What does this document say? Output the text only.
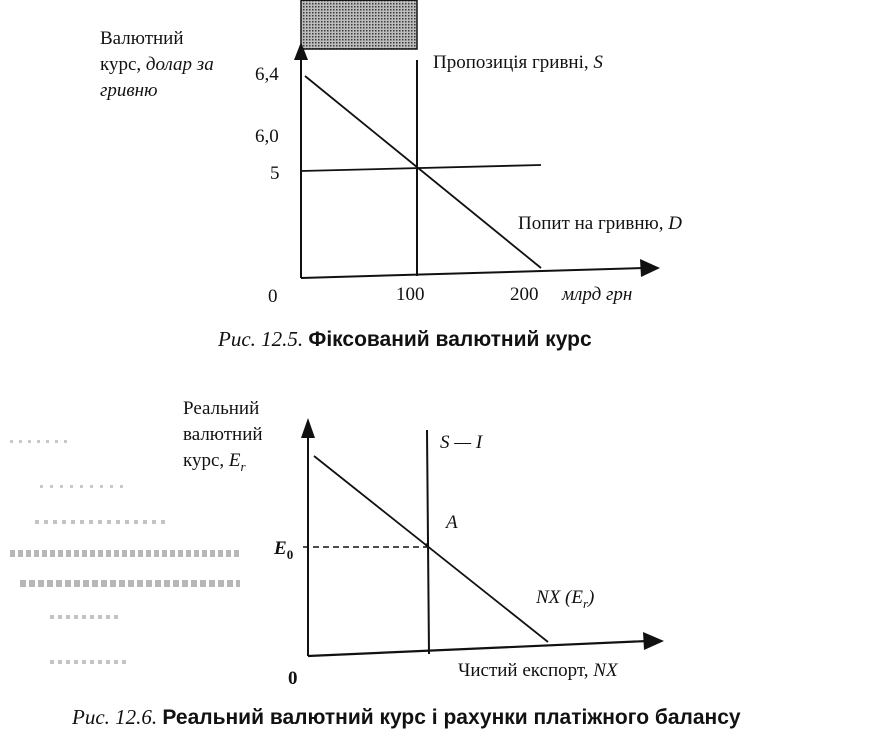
Валютний
курс, долар за
гривню
6,4
6,0
5
Пропозиція гривні, S
Попит на гривню, D
0	100	200 млрд грн
Рис. 12.5. Фіксований валютний курс
Реальний
валютний
курс, $E_r$
S — I
A
$E_0$
NX $(E_r)$
0	Чистий експорт, NX
Рис. 12.6. Реальний валютний курс і рахунки платіжного балансу
